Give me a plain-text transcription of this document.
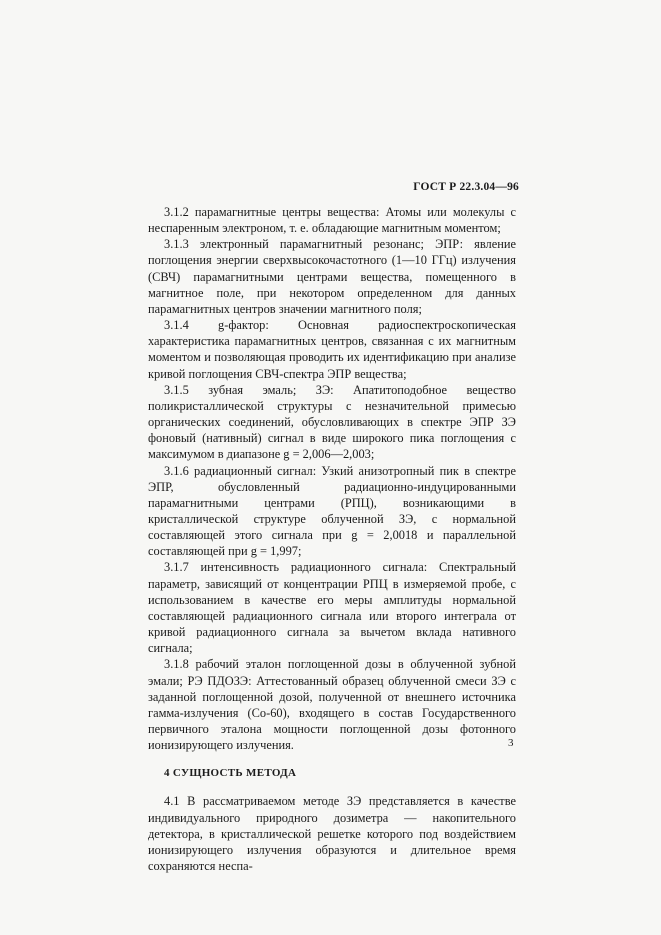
ГОСТ Р 22.3.04—96

3.1.2 парамагнитные центры вещества: Атомы или молекулы с неспаренным электроном, т. е. обладающие магнитным моментом;

3.1.3 электронный парамагнитный резонанс; ЭПР: явление поглощения энергии сверхвысокочастотного (1—10 ГГц) излучения (СВЧ) парамагнитными центрами вещества, помещенного в магнитное поле, при некотором определенном для данных парамагнитных центров значении магнитного поля;

3.1.4 g-фактор: Основная радиоспектроскопическая характеристика парамагнитных центров, связанная с их магнитным моментом и позволяющая проводить их идентификацию при анализе кривой поглощения СВЧ-спектра ЭПР вещества;

3.1.5 зубная эмаль; ЗЭ: Апатитоподобное вещество поликристаллической структуры с незначительной примесью органических соединений, обусловливающих в спектре ЭПР ЗЭ фоновый (нативный) сигнал в виде широкого пика поглощения с максимумом в диапазоне g = 2,006—2,003;

3.1.6 радиационный сигнал: Узкий анизотропный пик в спектре ЭПР, обусловленный радиационно-индуцированными парамагнитными центрами (РПЦ), возникающими в кристаллической структуре облученной ЗЭ, с нормальной составляющей этого сигнала при g = 2,0018 и параллельной составляющей при g = 1,997;

3.1.7 интенсивность радиационного сигнала: Спектральный параметр, зависящий от концентрации РПЦ в измеряемой пробе, с использованием в качестве его меры амплитуды нормальной составляющей радиационного сигнала или второго интеграла от кривой радиационного сигнала за вычетом вклада нативного сигнала;

3.1.8 рабочий эталон поглощенной дозы в облученной зубной эмали; РЭ ПДОЗЭ: Аттестованный образец облученной смеси ЗЭ с заданной поглощенной дозой, полученной от внешнего источника гамма-излучения (Со-60), входящего в состав Государственного первичного эталона мощности поглощенной дозы фотонного ионизирующего излучения.

4 СУЩНОСТЬ МЕТОДА

4.1 В рассматриваемом методе ЗЭ представляется в качестве индивидуального природного дозиметра — накопительного детектора, в кристаллической решетке которого под воздействием ионизирующего излучения образуются и длительное время сохраняются неспа-

3
